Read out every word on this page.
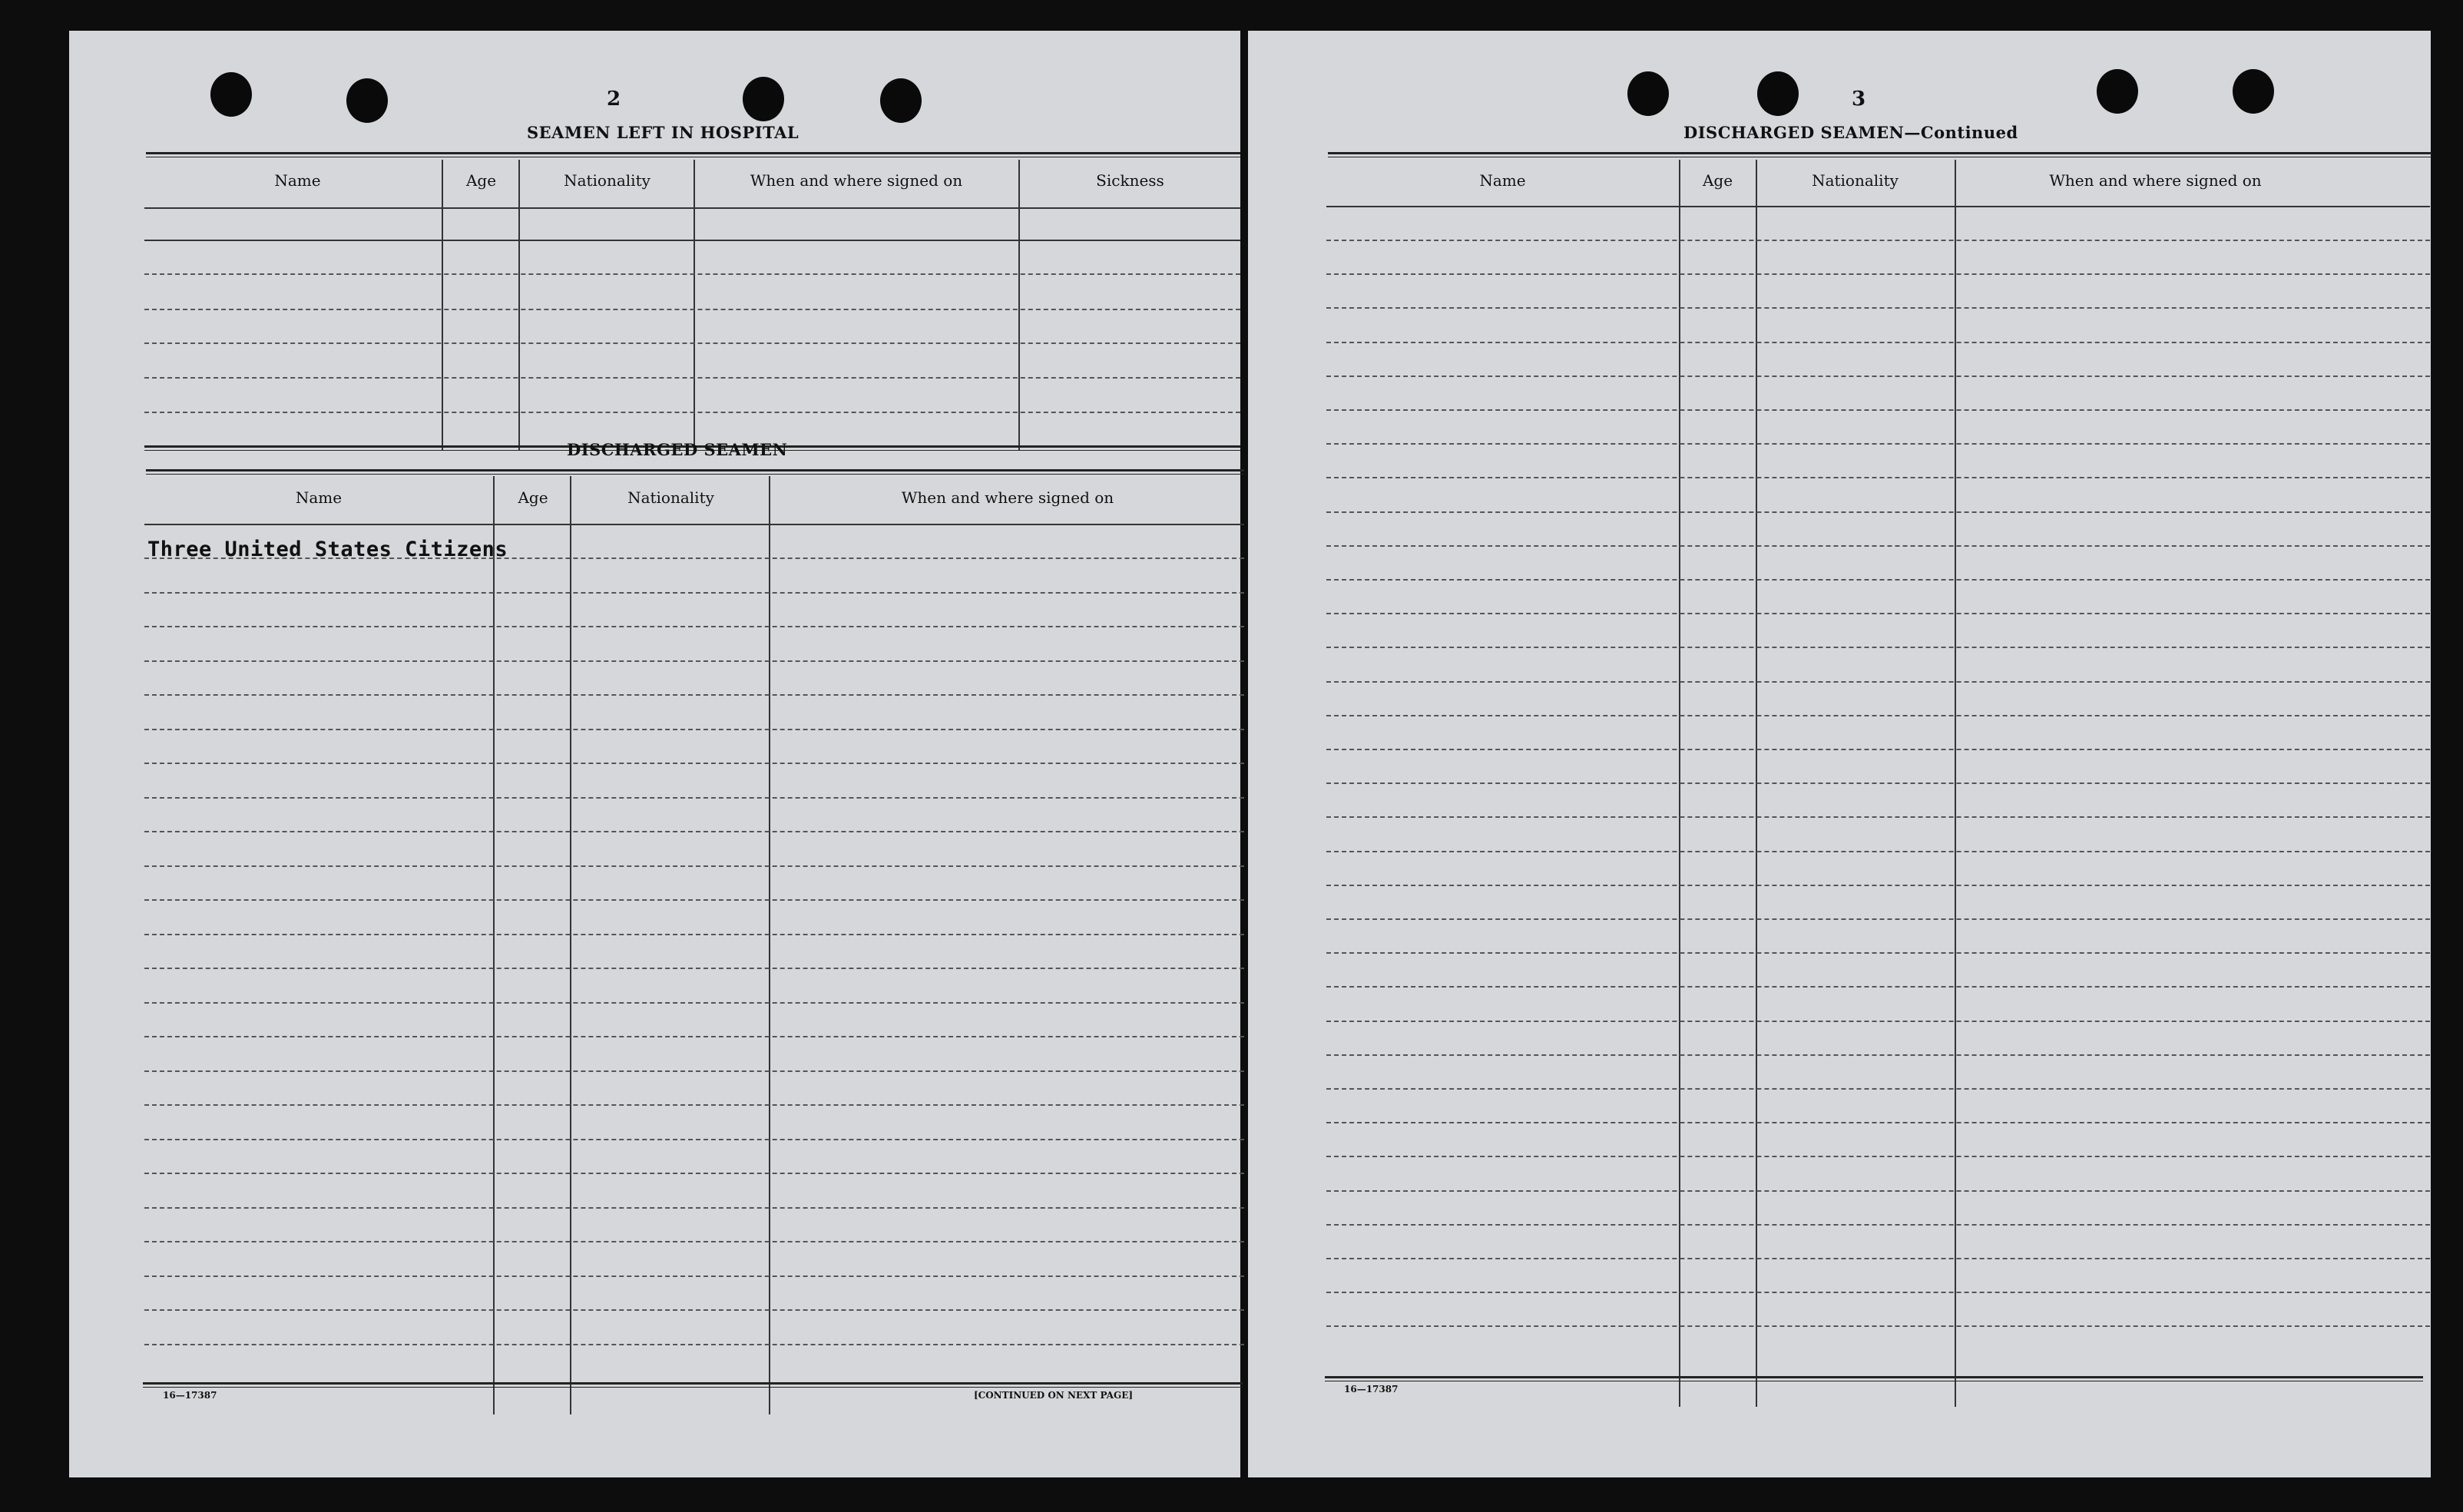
2
SEAMEN LEFT IN HOSPITAL
Name	Age	Nationality	When and where signed on	Sickness
DISCHARGED SEAMEN
Name	Age	Nationality	When and where signed on
Three United States Citizens
16—17387	[CONTINUED ON NEXT PAGE]
3
DISCHARGED SEAMEN—Continued
Name	Age	Nationality	When and where signed on
16—17387
